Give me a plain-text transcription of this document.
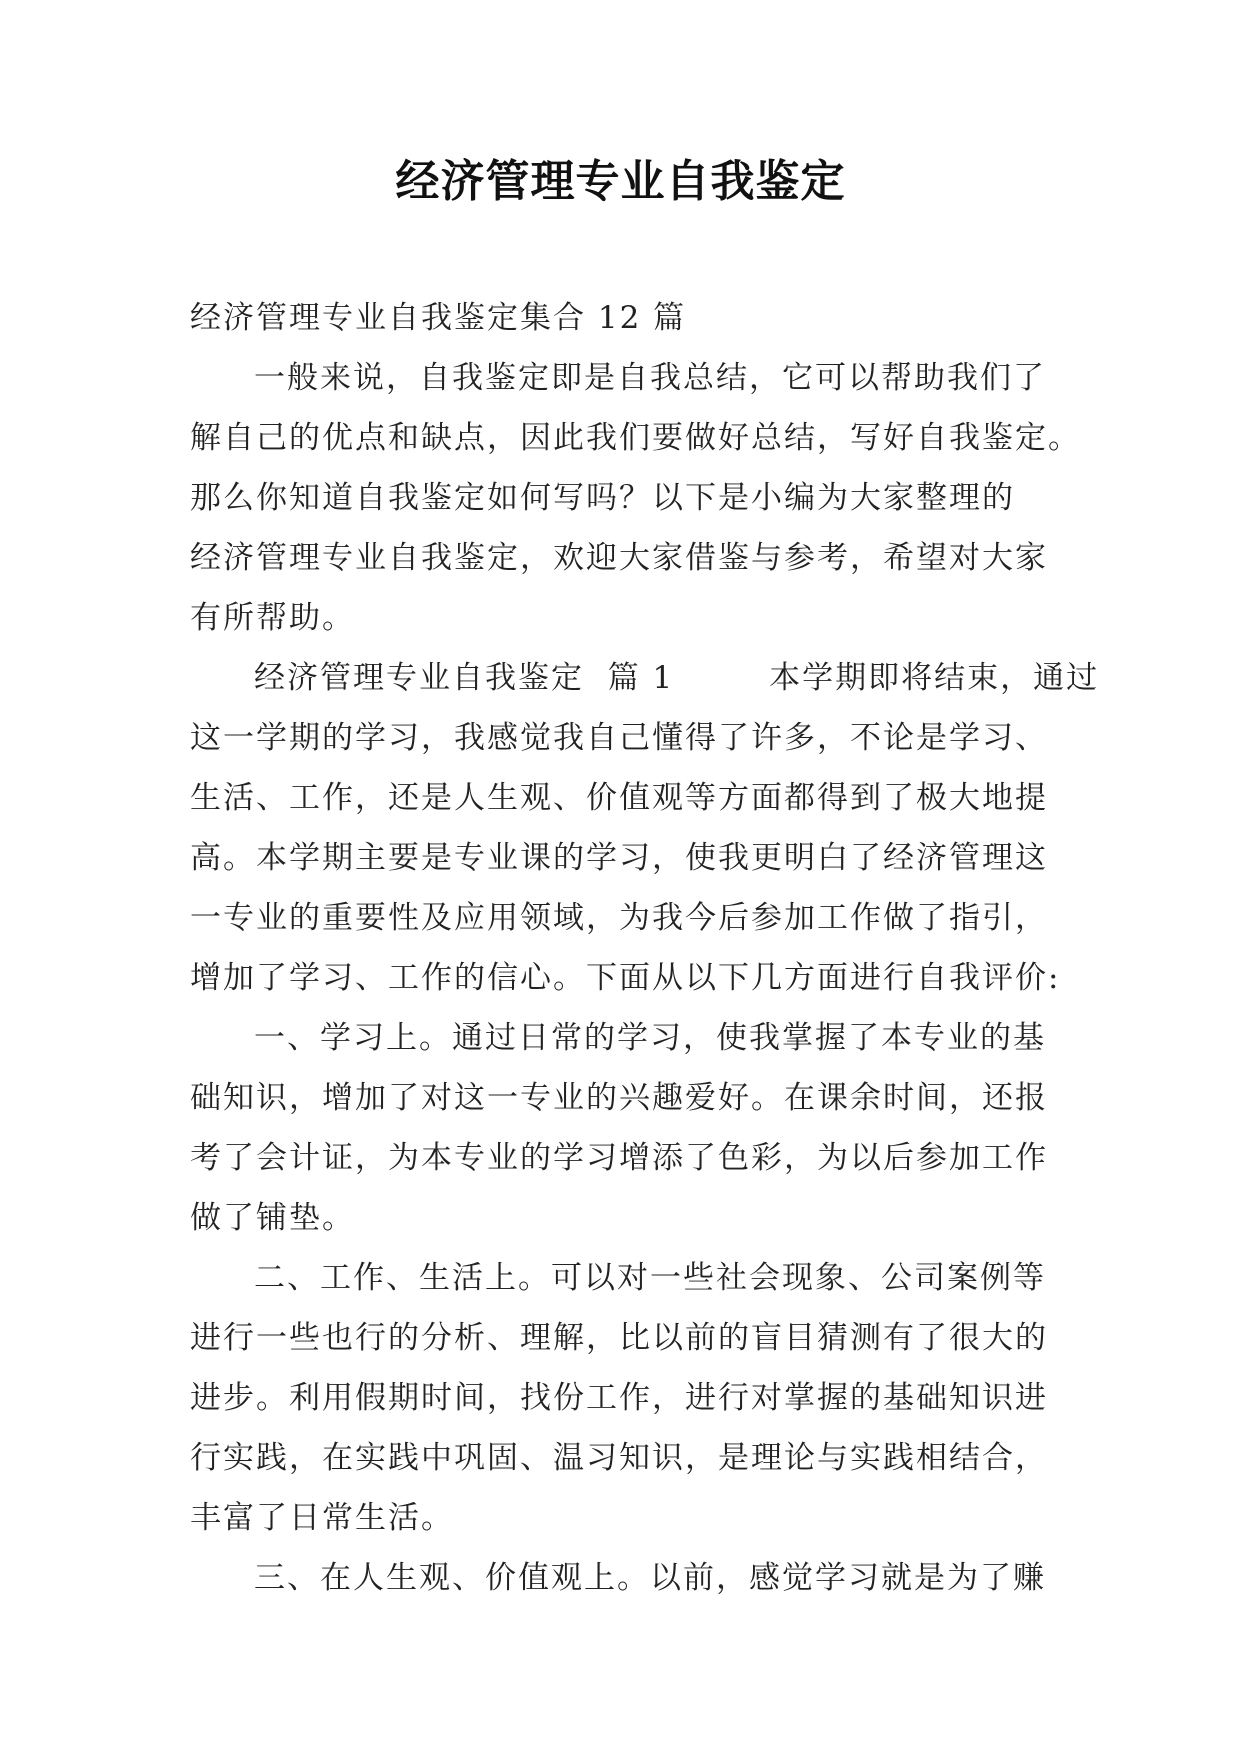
经济管理专业自我鉴定
经济管理专业自我鉴定集合 12 篇
一般来说，自我鉴定即是自我总结，它可以帮助我们了
解自己的优点和缺点，因此我们要做好总结，写好自我鉴定。
那么你知道自我鉴定如何写吗？以下是小编为大家整理的
经济管理专业自我鉴定，欢迎大家借鉴与参考，希望对大家
有所帮助。
经济管理专业自我鉴定  篇 1        本学期即将结束，通过
这一学期的学习，我感觉我自己懂得了许多，不论是学习、
生活、工作，还是人生观、价值观等方面都得到了极大地提
高。本学期主要是专业课的学习，使我更明白了经济管理这
一专业的重要性及应用领域，为我今后参加工作做了指引，
增加了学习、工作的信心。下面从以下几方面进行自我评价:
一、学习上。通过日常的学习，使我掌握了本专业的基
础知识，增加了对这一专业的兴趣爱好。在课余时间，还报
考了会计证，为本专业的学习增添了色彩，为以后参加工作
做了铺垫。
二、工作、生活上。可以对一些社会现象、公司案例等
进行一些也行的分析、理解，比以前的盲目猜测有了很大的
进步。利用假期时间，找份工作，进行对掌握的基础知识进
行实践，在实践中巩固、温习知识，是理论与实践相结合，
丰富了日常生活。
三、在人生观、价值观上。以前，感觉学习就是为了赚
